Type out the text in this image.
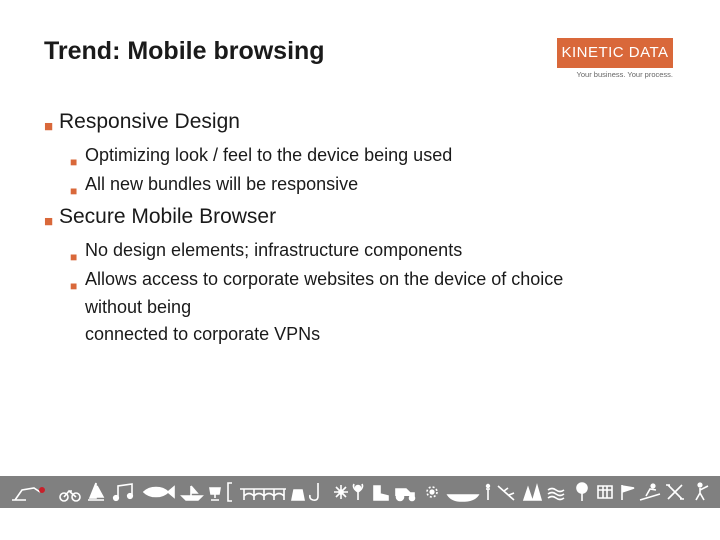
Trend: Mobile browsing	KINETIC DATA
Your business. Your process.
■ Responsive Design
■ Optimizing look / feel to the device being used
■ All new bundles will be responsive
■ Secure Mobile Browser
■ No design elements; infrastructure components
■ Allows access to corporate websites on the device of choice
without being
connected to corporate VPNs
